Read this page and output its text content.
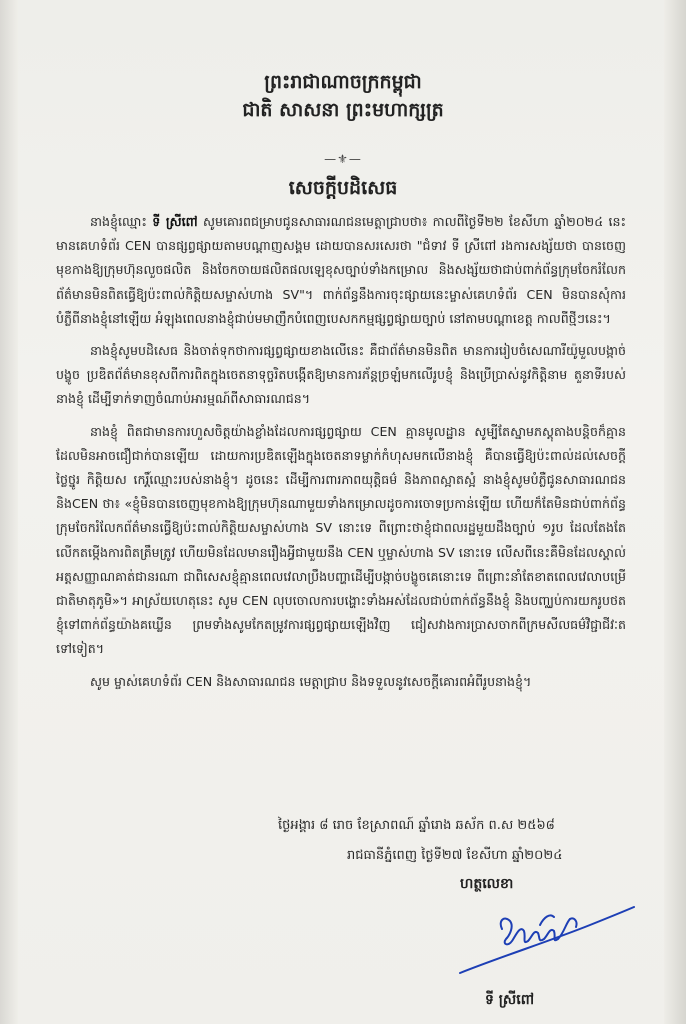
ព្រះរាជាណាចក្រកម្ពុជា
ជាតិ សាសនា ព្រះមហាក្សត្រ
—⚜—
សេចក្តីបដិសេធ

នាងខ្ញុំឈ្មោះ ទី ស្រីពៅ សូមគោរពជម្រាបជូនសាធារណជនមេត្តាជ្រាបថា៖ កាលពីថ្ងៃទី២២ ខែសីហា ឆ្នាំ២០២៤ នេះ មានគេហទំព័រ CEN បានផ្សព្វផ្សាយតាមបណ្តាញសង្គម ដោយបានសរសេរថា "ជំទាវ ទី ស្រីពៅ រងការសង្ស័យថា បានចេញមុខកាងឱ្យក្រុមហ៊ុនលួចផលិត និងចែកចាយផលិតផលឡេខុសច្បាប់ទាំងកម្រោល និងសង្ស័យថាជាប់ពាក់ព័ន្ធក្រុមចែករំលែកព័ត៌មានមិនពិតធ្វើឱ្យប៉ះពាល់កិត្តិយសម្ចាស់ហាង SV"។ ពាក់ព័ន្ធនឹងការចុះផ្សាយនេះម្ចាស់គេហទំព័រ CEN មិនបានសុំការបំភ្លឺពីនាងខ្ញុំនៅឡើយ អំឡុងពេលនាងខ្ញុំជាប់មមាញឹកបំពេញបេសកកម្មផ្សព្វផ្សាយច្បាប់ នៅតាមបណ្តាខេត្ត កាលពីថ្មីៗនេះ។

នាងខ្ញុំសូមបដិសេធ និងចាត់ទុកថាការផ្សព្វផ្សាយខាងលើនេះ គឺជាព័ត៌មានមិនពិត មានការរៀបចំសេណារីយ៉ូមួលបង្កាច់បង្ខូច ប្រឌិតព័ត៌មានខុសពីការពិតក្នុងចេតនាទុច្ចរិតបង្កើតឱ្យមានការភ័ន្តច្រឡំមកលើរូបខ្ញុំ និងប្រើប្រាស់នូវកិត្តិនាម តួនាទីរបស់នាងខ្ញុំ ដើម្បីទាក់ទាញចំណាប់អារម្មណ៍ពីសាធារណជន។

នាងខ្ញុំ ពិតជាមានការហួសចិត្តយ៉ាងខ្លាំងដែលការផ្សព្វផ្សាយ CEN គ្មានមូលដ្ឋាន សូម្បីតែស្នាមភស្តុតាងបន្តិចក៏គ្មាន ដែលមិនអាចជឿជាក់បានឡើយ ដោយការប្រឌិតឡើងក្នុងចេតនាទម្លាក់កំហុសមកលើនាងខ្ញុំ គឺបានធ្វើឱ្យប៉ះពាល់ដល់សេចក្តីថ្លៃថ្នូរ កិត្តិយស កេរ្តិ៍ឈ្មោះរបស់នាងខ្ញុំ។ ដូចនេះ ដើម្បីការពារភាពយុត្តិធម៌ និងភាពស្អាតស្អំ នាងខ្ញុំសូមបំភ្លឺជូនសាធារណជន និងCEN ថា៖ «ខ្ញុំមិនបានចេញមុខកាងឱ្យក្រុមហ៊ុនណាមួយទាំងកម្រោលដូចការចោទប្រកាន់ឡើយ ហើយក៏តែមិនជាប់ពាក់ព័ន្ធក្រុមចែករំលែកព័ត៌មានធ្វើឱ្យប៉ះពាល់កិត្តិយសម្ចាស់ហាង SV នោះទេ ពីព្រោះថាខ្ញុំជាពលរដ្ឋមួយដឹងច្បាប់ ១រូប ដែលតែងតែលើកតម្កើងការពិតត្រឹមត្រូវ ហើយមិនដែលមានរឿងអ្វីជាមួយនឹង CEN ឬម្ចាស់ហាង SV នោះទេ លើសពីនេះគឺមិនដែលស្គាល់អត្តសញ្ញាណគាត់ជានរណា ជាពិសេសខ្ញុំគ្មានពេលវេលាប្រឹងបញ្ហាដើម្បីបង្កាច់បង្ខូចគេនោះទេ ពីព្រោះនាំតែខាតពេលវេលាបម្រើជាតិមាតុភូមិ»។ អាស្រ័យហេតុនេះ សូម CEN លុបចោលការបង្ហោះទាំងអស់ដែលជាប់ពាក់ព័ន្ធនឹងខ្ញុំ និងបញ្ឈប់ការយករូបថតខ្ញុំទៅពាក់ព័ន្ធយ៉ាងគឃ្លើន ព្រមទាំងសូមកែតម្រូវការផ្សព្វផ្សាយឡើងវិញ ជៀសវាងការប្រាសចាកពីក្រមសីលធម៌វិជ្ជាជីវៈតទៅទៀត។

សូម ម្ចាស់គេហទំព័រ CEN និងសាធារណជន មេត្តាជ្រាប និងទទួលនូវសេចក្តីគោរពអំពីរូបនាងខ្ញុំ។

ថ្ងៃអង្គារ ៨ រោច ខែស្រាពណ៍ ឆ្នាំរោង ឆស័ក ព.ស ២៥៦៨
រាជធានីភ្នំពេញ ថ្ងៃទី២៧ ខែសីហា ឆ្នាំ២០២៤
ហត្ថលេខា
ទី ស្រីពៅ
